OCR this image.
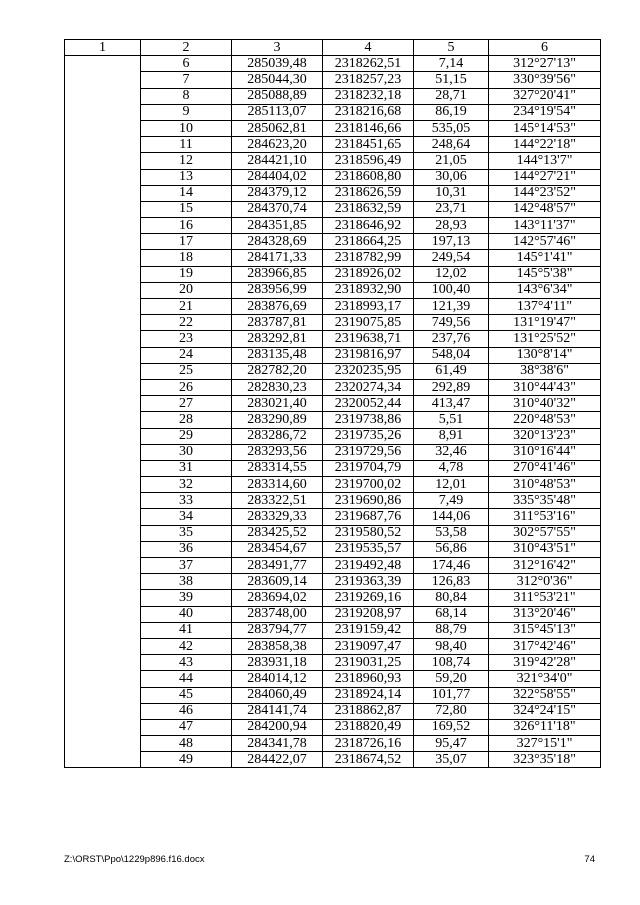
1	2	3	4	5	6
	6	285039,48	2318262,51	7,14	312°27'13"
	7	285044,30	2318257,23	51,15	330°39'56"
	8	285088,89	2318232,18	28,71	327°20'41"
	9	285113,07	2318216,68	86,19	234°19'54"
	10	285062,81	2318146,66	535,05	145°14'53"
	11	284623,20	2318451,65	248,64	144°22'18"
	12	284421,10	2318596,49	21,05	144°13'7"
	13	284404,02	2318608,80	30,06	144°27'21"
	14	284379,12	2318626,59	10,31	144°23'52"
	15	284370,74	2318632,59	23,71	142°48'57"
	16	284351,85	2318646,92	28,93	143°11'37"
	17	284328,69	2318664,25	197,13	142°57'46"
	18	284171,33	2318782,99	249,54	145°1'41"
	19	283966,85	2318926,02	12,02	145°5'38"
	20	283956,99	2318932,90	100,40	143°6'34"
	21	283876,69	2318993,17	121,39	137°4'11"
	22	283787,81	2319075,85	749,56	131°19'47"
	23	283292,81	2319638,71	237,76	131°25'52"
	24	283135,48	2319816,97	548,04	130°8'14"
	25	282782,20	2320235,95	61,49	38°38'6"
	26	282830,23	2320274,34	292,89	310°44'43"
	27	283021,40	2320052,44	413,47	310°40'32"
	28	283290,89	2319738,86	5,51	220°48'53"
	29	283286,72	2319735,26	8,91	320°13'23"
	30	283293,56	2319729,56	32,46	310°16'44"
	31	283314,55	2319704,79	4,78	270°41'46"
	32	283314,60	2319700,02	12,01	310°48'53"
	33	283322,51	2319690,86	7,49	335°35'48"
	34	283329,33	2319687,76	144,06	311°53'16"
	35	283425,52	2319580,52	53,58	302°57'55"
	36	283454,67	2319535,57	56,86	310°43'51"
	37	283491,77	2319492,48	174,46	312°16'42"
	38	283609,14	2319363,39	126,83	312°0'36"
	39	283694,02	2319269,16	80,84	311°53'21"
	40	283748,00	2319208,97	68,14	313°20'46"
	41	283794,77	2319159,42	88,79	315°45'13"
	42	283858,38	2319097,47	98,40	317°42'46"
	43	283931,18	2319031,25	108,74	319°42'28"
	44	284014,12	2318960,93	59,20	321°34'0"
	45	284060,49	2318924,14	101,77	322°58'55"
	46	284141,74	2318862,87	72,80	324°24'15"
	47	284200,94	2318820,49	169,52	326°11'18"
	48	284341,78	2318726,16	95,47	327°15'1"
	49	284422,07	2318674,52	35,07	323°35'18"
Z:\ORST\Ppo\1229p896.f16.docx	74
